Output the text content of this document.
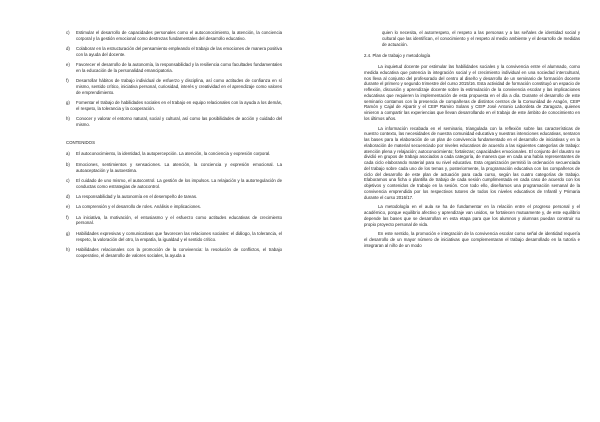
c)	Estimular el desarrollo de capacidades personales como el autoconocimiento, la atención, la conciencia corporal y la gestión emocional como destrezas fundamentales del desarrollo educativo.
d)	Colaborar en la estructuración del pensamiento empleando el trabajo de las emociones de manera positiva con la ayuda del docente.
e)	Favorecer el desarrollo de la autonomía, la responsabilidad y la resiliencia como facultades fundamentales en la educación de la personalidad emancipatoria.
f)	Desarrollar hábitos de trabajo individual de esfuerzo y disciplina, así como actitudes de confianza en sí mismo, sentido crítico, iniciativa personal, curiosidad, interés y creatividad en el aprendizaje como valores de emprendimiento.
g)	Fomentar el trabajo de habilidades sociales en el trabajo en equipo relacionales con la ayuda a los demás, el respeto, la tolerancia y la cooperación.
h)	Conocer y valorar el entorno natural, social y cultural, así como las posibilidades de acción y cuidado del mismo.
CONTENIDOS
a)	El autoconocimiento, la identidad, la autopercepción. La atención, la conciencia y expresión corporal.
b)	Emociones, sentimientos y sensaciones. La atención, la conciencia y expresión emocional. La autoaceptación y la autoestima.
c)	El cuidado de uno mismo, el autocontrol. La gestión de los impulsos. La relajación y la autorregulación de conductas como estrategias de autocontrol.
d)	La responsabilidad y la autonomía en el desempeño de tareas.
e)	La comprensión y el desarrollo de roles. Análisis e implicaciones.
f)	La iniciativa, la motivación, el entusiasmo y el esfuerzo como actitudes educativas de crecimiento personal.
g)	Habilidades expresivas y comunicativas que favorecen las relaciones sociales: el diálogo, la tolerancia, el respeto, la valoración del otro, la empatía, la igualdad y el sentido crítico.
h)	Habilidades relacionales con la promoción de la convivencia: la resolución de conflictos, el trabajo cooperativo, el desarrollo de valores sociales, la ayuda a
quien lo necesita, el autorrespeto, el respeto a las personas y a las señales de identidad social y cultural que las identifican, el conocimiento y el respeto al medio ambiente y el desarrollo de medidas de actuación.
2.4. Plan de trabajo y metodología

La inquietud docente por estimular las habilidades sociales y la convivencia entre el alumnado, como medida educativa que potencia la integración social y el crecimiento individual en una sociedad intercultural, nos lleva al conjunto del profesorado del centro al diseño y desarrollo de un seminario de formación docente durante el primero y segundo trimestre del curso 2015/16. Esta actividad de formación constituyó un espacio de reflexión, discusión y aprendizaje docente sobre la estimulación de la convivencia escolar y las implicaciones educativas que requieren la implementación de esta propuesta en el día a día. Durante el desarrollo de este seminario contamos con la presencia de compañeras de distintos centros de la Comunidad de Aragón, CEIP Ramón y Cajal de Alpartir y el CEIP Ramiro Solans y CEIP José Antonio Labordeta de Zaragoza, quienes vinieron a compartir las experiencias que llevan desarrollando en el trabajo de este ámbito de conocimiento en los últimos años.

La información recabada en el seminario, triangulada con la reflexión sobre las características de nuestro contexto, las necesidades de nuestra comunidad educativa y nuestras intenciones educativas, sentaron las bases para la elaboración de un plan de convivencia fundamentado en el desarrollo de iniciativas y en la elaboración de material secuenciado por niveles educativos de acuerdo a las siguientes categorías de trabajo: atención plena y relajación; autoconocimiento; fortalezas; capacidades emocionales. El conjunto del claustro se dividió en grupos de trabajo asociados a cada categoría, de manera que en cada una había representantes de cada ciclo elaborando material para su nivel educativo. Esta organización permitió la ordenación secuenciada del trabajo sobre cada uno de los temas y, posteriormente, la programación educativa con los compañeros de ciclo del desarrollo de este plan de actuación para cada curso, según las cuatro categorías de trabajo. Elaboramos una ficha o plantilla de trabajo de cada sesión cumplimentada en cada caso de acuerdo con los objetivos y contenidos de trabajo en la sesión. Con todo ello, diseñamos una programación semanal de la convivencia emprendida por los respectivos tutores de todos los niveles educativos de Infantil y Primaria durante el curso 2016/17.

La metodología en el aula se ha de fundamentar en la relación entre el progreso personal y el académico, porque equilibrio afectivo y aprendizaje van unidos, se fortalecen mutuamente y, de este equilibrio depende las bases que se desarrollan en esta etapa para que los alumnos y alumnas puedan construir su propio proyecto personal de vida.

En este sentido, la promoción e integración de la convivencia escolar como señal de identidad requería el desarrollo de un mayor número de iniciativas que complementaran el trabajo desarrollado en la tutoría e integraran al niño de un modo
